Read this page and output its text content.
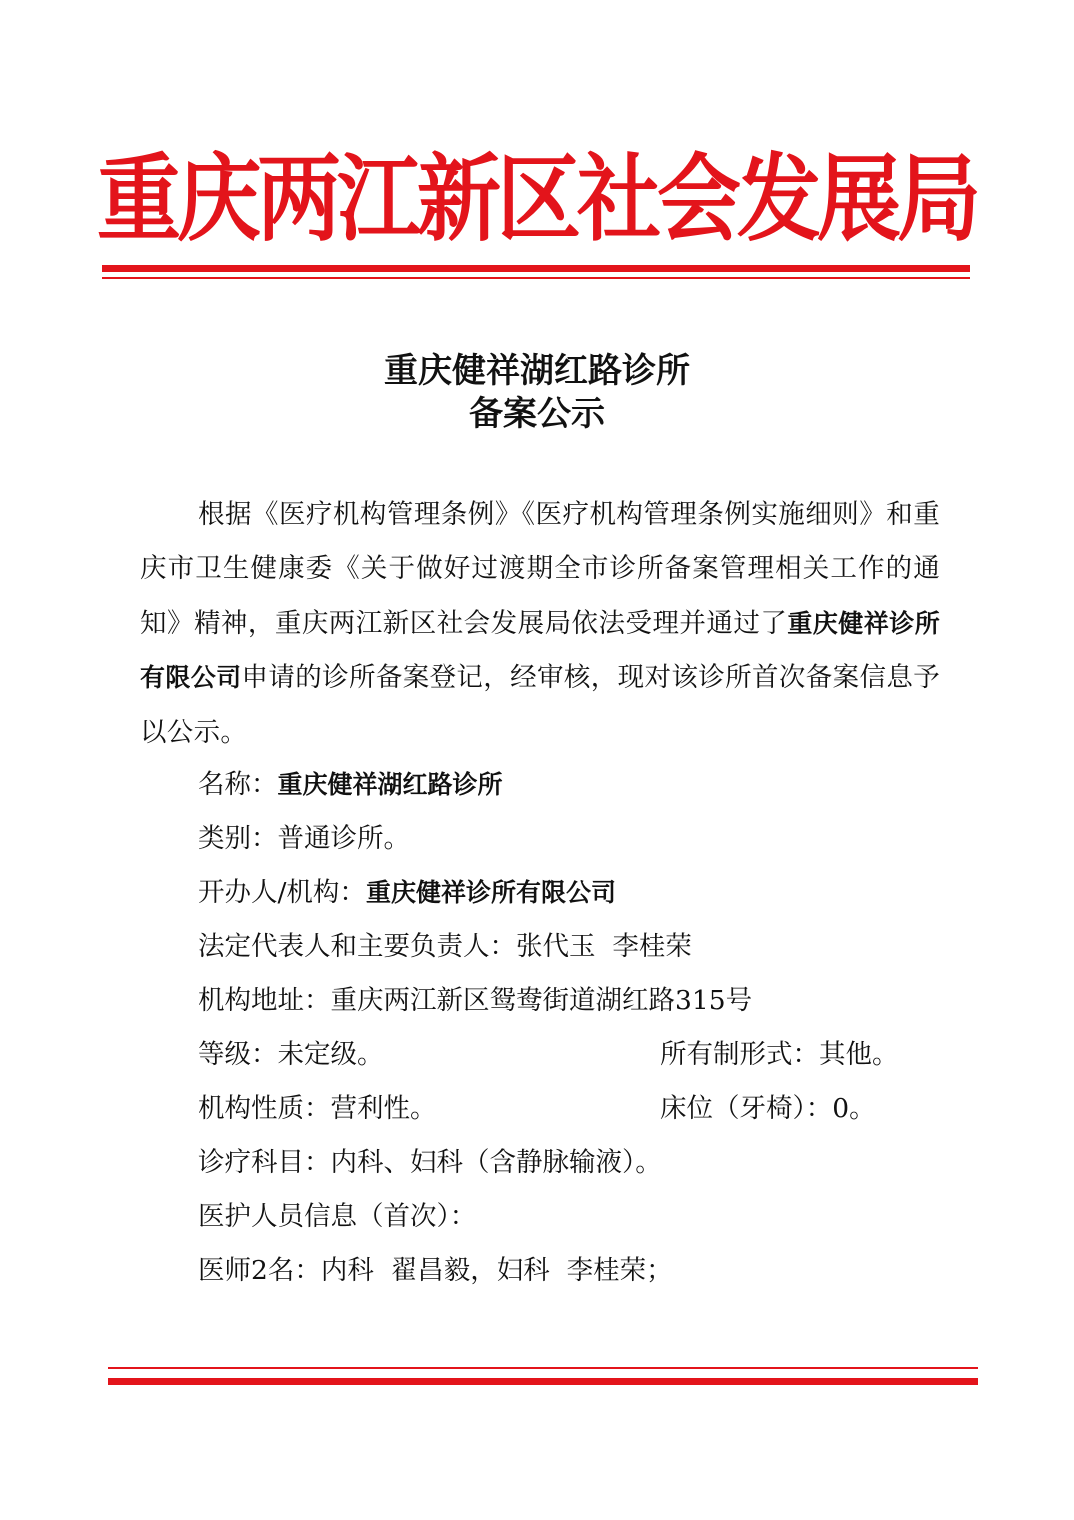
重庆两江新区社会发展局
重庆健祥湖红路诊所
备案公示
根据《医疗机构管理条例》《医疗机构管理条例实施细则》和重庆市卫生健康委《关于做好过渡期全市诊所备案管理相关工作的通知》精神，重庆两江新区社会发展局依法受理并通过了重庆健祥诊所有限公司申请的诊所备案登记，经审核，现对该诊所首次备案信息予以公示。
名称：重庆健祥湖红路诊所
类别：普通诊所。
开办人/机构：重庆健祥诊所有限公司
法定代表人和主要负责人：张代玉  李桂荣
机构地址：重庆两江新区鸳鸯街道湖红路315号
等级：未定级。	所有制形式：其他。
机构性质：营利性。	床位（牙椅）：0。
诊疗科目：内科、妇科（含静脉输液）。
医护人员信息（首次）：
医师2名：内科  翟昌毅，妇科  李桂荣；
